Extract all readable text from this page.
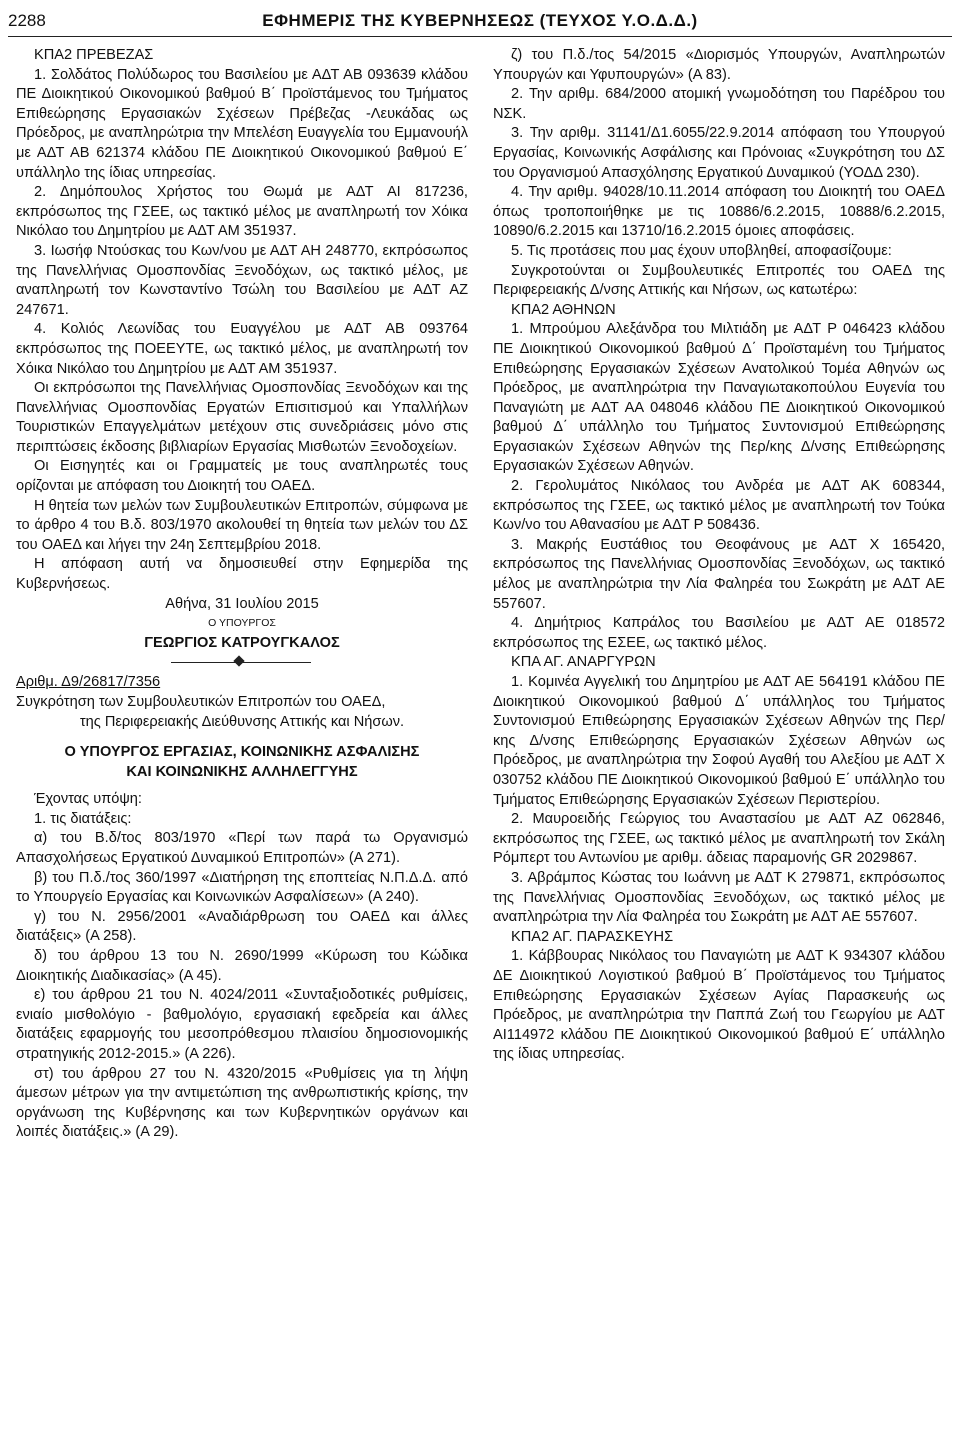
2288	ΕΦΗΜΕΡΙΣ ΤΗΣ ΚΥΒΕΡΝΗΣΕΩΣ (ΤΕΥΧΟΣ Υ.Ο.Δ.Δ.)

ΚΠΑ2 ΠΡΕΒΕΖΑΣ

1. Σολδάτος Πολύδωρος του Βασιλείου με ΑΔΤ ΑΒ 093639 κλάδου ΠΕ Διοικητικού Οικονομικού βαθμού Β΄ Προϊστάμενος του Τμήματος Επιθεώρησης Εργασιακών Σχέσεων Πρέβεζας -Λευκάδας ως Πρόεδρος, με αναπληρώτρια την Μπελέση Ευαγγελία του Εμμανουήλ με ΑΔΤ ΑΒ 621374 κλάδου ΠΕ Διοικητικού Οικονομικού βαθμού Ε΄ υπάλληλο της ίδιας υπηρεσίας.

2. Δημόπουλος Χρήστος του Θωμά με ΑΔΤ ΑΙ 817236, εκπρόσωπος της ΓΣΕΕ, ως τακτικό μέλος με αναπληρωτή τον Χόικα Νικόλαο του Δημητρίου με ΑΔΤ ΑΜ 351937.

3. Ιωσήφ Ντούσκας του Κων/νου με ΑΔΤ ΑΗ 248770, εκπρόσωπος της Πανελλήνιας Ομοσπονδίας Ξενοδόχων, ως τακτικό μέλος, με αναπληρωτή τον Κωνσταντίνο Τσώλη του Βασιλείου με ΑΔΤ ΑΖ 247671.

4. Κολιός Λεωνίδας του Ευαγγέλου με ΑΔΤ ΑΒ 093764 εκπρόσωπος της ΠΟΕΕΥΤΕ, ως τακτικό μέλος, με αναπληρωτή τον Χόικα Νικόλαο του Δημητρίου με ΑΔΤ ΑΜ 351937.

Οι εκπρόσωποι της Πανελλήνιας Ομοσπονδίας Ξενοδόχων και της Πανελλήνιας Ομοσπονδίας Εργατών Επισιτισμού και Υπαλλήλων Τουριστικών Επαγγελμάτων μετέχουν στις συνεδριάσεις μόνο στις περιπτώσεις έκδοσης βιβλιαρίων Εργασίας Μισθωτών Ξενοδοχείων.

Οι Εισηγητές και οι Γραμματείς με τους αναπληρωτές τους ορίζονται με απόφαση του Διοικητή του ΟΑΕΔ.

Η θητεία των μελών των Συμβουλευτικών Επιτροπών, σύμφωνα με το άρθρο 4 του Β.δ. 803/1970 ακολουθεί τη θητεία των μελών του ΔΣ του ΟΑΕΔ και λήγει την 24η Σεπτεμβρίου 2018.

Η απόφαση αυτή να δημοσιευθεί στην Εφημερίδα της Κυβερνήσεως.

Αθήνα, 31 Ιουλίου 2015

Ο ΥΠΟΥΡΓΟΣ

ΓΕΩΡΓΙΟΣ ΚΑΤΡΟΥΓΚΑΛΟΣ

Αριθμ. Δ9/26817/7356

Συγκρότηση των Συμβουλευτικών Επιτροπών του ΟΑΕΔ,

της Περιφερειακής Διεύθυνσης Αττικής και Νήσων.

Ο ΥΠΟΥΡΓΟΣ ΕΡΓΑΣΙΑΣ, ΚΟΙΝΩΝΙΚΗΣ ΑΣΦΑΛΙΣΗΣ
ΚΑΙ ΚΟΙΝΩΝΙΚΗΣ ΑΛΛΗΛΕΓΓΥΗΣ

Έχοντας υπόψη:

1. τις διατάξεις:

α) του Β.δ/τος 803/1970 «Περί των παρά τω Οργανισμώ Απασχολήσεως Εργατικού Δυναμικού Επιτροπών» (Α 271).

β) του Π.δ./τος 360/1997 «Διατήρηση της εποπτείας Ν.Π.Δ.Δ. από το Υπουργείο Εργασίας και Κοινωνικών Ασφαλίσεων» (Α 240).

γ) του Ν. 2956/2001 «Αναδιάρθρωση του ΟΑΕΔ και άλλες διατάξεις» (Α 258).

δ) του άρθρου 13 του Ν. 2690/1999 «Κύρωση του Κώδικα Διοικητικής Διαδικασίας» (Α 45).

ε) του άρθρου 21 του Ν. 4024/2011 «Συνταξιοδοτικές ρυθμίσεις, ενιαίο μισθολόγιο - βαθμολόγιο, εργασιακή εφεδρεία και άλλες διατάξεις εφαρμογής του μεσοπρόθεσμου πλαισίου δημοσιονομικής στρατηγικής 2012-2015.» (Α 226).

στ) του άρθρου 27 του Ν. 4320/2015 «Ρυθμίσεις για τη λήψη άμεσων μέτρων για την αντιμετώπιση της ανθρωπιστικής κρίσης, την οργάνωση της Κυβέρνησης και των Κυβερνητικών οργάνων και λοιπές διατάξεις.» (Α 29).

ζ) του Π.δ./τος 54/2015 «Διορισμός Υπουργών, Αναπληρωτών Υπουργών και Υφυπουργών» (Α 83).

2. Την αριθμ. 684/2000 ατομική γνωμοδότηση του Παρέδρου του ΝΣΚ.

3. Την αριθμ. 31141/Δ1.6055/22.9.2014 απόφαση του Υπουργού Εργασίας, Κοινωνικής Ασφάλισης και Πρόνοιας «Συγκρότηση του ΔΣ του Οργανισμού Απασχόλησης Εργατικού Δυναμικού (ΥΟΔΔ 230).

4. Την αριθμ. 94028/10.11.2014 απόφαση του Διοικητή του ΟΑΕΔ όπως τροποποιήθηκε με τις 10886/6.2.2015, 10888/6.2.2015, 10890/6.2.2015 και 13710/16.2.2015 όμοιες αποφάσεις.

5. Τις προτάσεις που μας έχουν υποβληθεί, αποφασίζουμε:

Συγκροτούνται οι Συμβουλευτικές Επιτροπές του ΟΑΕΔ της Περιφερειακής Δ/νσης Αττικής και Νήσων, ως κατωτέρω:

ΚΠΑ2 ΑΘΗΝΩΝ

1. Μπρούμου Αλεξάνδρα του Μιλτιάδη με ΑΔΤ Ρ 046423 κλάδου ΠΕ Διοικητικού Οικονομικού βαθμού Δ΄ Προϊσταμένη του Τμήματος Επιθεώρησης Εργασιακών Σχέσεων Ανατολικού Τομέα Αθηνών ως Πρόεδρος, με αναπληρώτρια την Παναγιωτακοπούλου Ευγενία του Παναγιώτη με ΑΔΤ ΑΑ 048046 κλάδου ΠΕ Διοικητικού Οικονομικού βαθμού Δ΄ υπάλληλο του Τμήματος Συντονισμού Επιθεώρησης Εργασιακών Σχέσεων Αθηνών της Περ/κης Δ/νσης Επιθεώρησης Εργασιακών Σχέσεων Αθηνών.

2. Γερολυμάτος Νικόλαος του Ανδρέα με ΑΔΤ ΑΚ 608344, εκπρόσωπος της ΓΣΕΕ, ως τακτικό μέλος με αναπληρωτή τον Τούκα Κων/νο του Αθανασίου με ΑΔΤ Ρ 508436.

3. Μακρής Ευστάθιος του Θεοφάνους με ΑΔΤ Χ 165420, εκπρόσωπος της Πανελλήνιας Ομοσπονδίας Ξενοδόχων, ως τακτικό μέλος με αναπληρώτρια την Λία Φαληρέα του Σωκράτη με ΑΔΤ ΑΕ 557607.

4. Δημήτριος Καπράλος του Βασιλείου με ΑΔΤ ΑΕ 018572 εκπρόσωπος της ΕΣΕΕ, ως τακτικό μέλος.

ΚΠΑ ΑΓ. ΑΝΑΡΓΥΡΩΝ

1. Κομινέα Αγγελική του Δημητρίου με ΑΔΤ ΑΕ 564191 κλάδου ΠΕ Διοικητικού Οικονομικού βαθμού Δ΄ υπάλληλος του Τμήματος Συντονισμού Επιθεώρησης Εργασιακών Σχέσεων Αθηνών της Περ/κης Δ/νσης Επιθεώρησης Εργασιακών Σχέσεων Αθηνών ως Πρόεδρος, με αναπληρώτρια την Σοφού Αγαθή του Αλεξίου με ΑΔΤ Χ 030752 κλάδου ΠΕ Διοικητικού Οικονομικού βαθμού Ε΄ υπάλληλο του Τμήματος Επιθεώρησης Εργασιακών Σχέσεων Περιστερίου.

2. Μαυροειδής Γεώργιος του Αναστασίου με ΑΔΤ ΑΖ 062846, εκπρόσωπος της ΓΣΕΕ, ως τακτικό μέλος με αναπληρωτή τον Σκάλη Ρόμπερτ του Αντωνίου με αριθμ. άδειας παραμονής GR 2029867.

3. Αβράμπος Κώστας του Ιωάννη με ΑΔΤ Κ 279871, εκπρόσωπος της Πανελλήνιας Ομοσπονδίας Ξενοδόχων, ως τακτικό μέλος με αναπληρώτρια την Λία Φαληρέα του Σωκράτη με ΑΔΤ ΑΕ 557607.

ΚΠΑ2 ΑΓ. ΠΑΡΑΣΚΕΥΗΣ

1. Κάββουρας Νικόλαος του Παναγιώτη με ΑΔΤ Κ 934307 κλάδου ΔΕ Διοικητικού Λογιστικού βαθμού Β΄ Προϊστάμενος του Τμήματος Επιθεώρησης Εργασιακών Σχέσεων Αγίας Παρασκευής ως Πρόεδρος, με αναπληρώτρια την Παππά Ζωή του Γεωργίου με ΑΔΤ ΑΙ114972 κλάδου ΠΕ Διοικητικού Οικονομικού βαθμού Ε΄ υπάλληλο της ίδιας υπηρεσίας.
